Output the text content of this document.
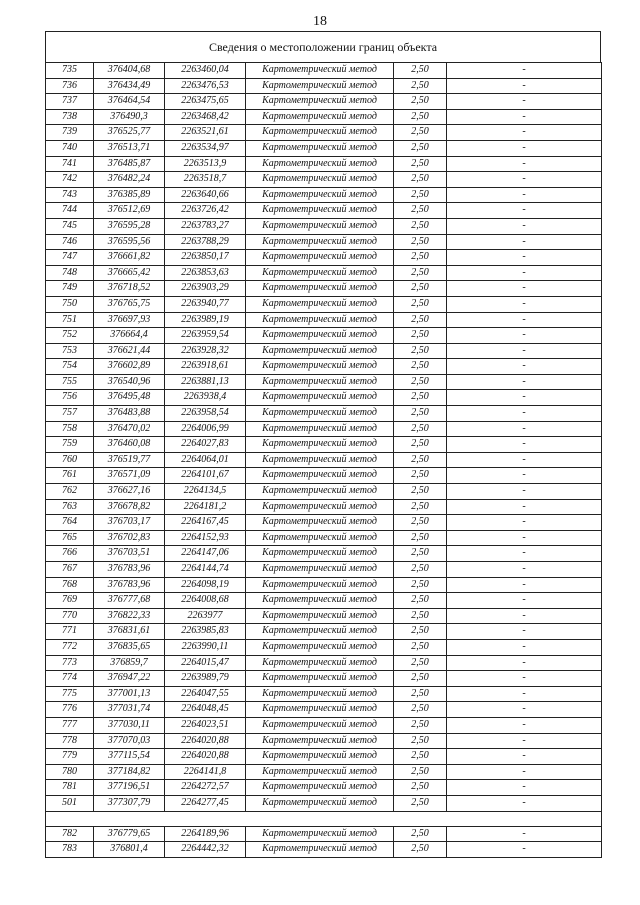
18
Сведения о местоположении границ объекта
735	376404,68	2263460,04	Картометрический метод	2,50	-
736	376434,49	2263476,53	Картометрический метод	2,50	-
737	376464,54	2263475,65	Картометрический метод	2,50	-
738	376490,3	2263468,42	Картометрический метод	2,50	-
739	376525,77	2263521,61	Картометрический метод	2,50	-
740	376513,71	2263534,97	Картометрический метод	2,50	-
741	376485,87	2263513,9	Картометрический метод	2,50	-
742	376482,24	2263518,7	Картометрический метод	2,50	-
743	376385,89	2263640,66	Картометрический метод	2,50	-
744	376512,69	2263726,42	Картометрический метод	2,50	-
745	376595,28	2263783,27	Картометрический метод	2,50	-
746	376595,56	2263788,29	Картометрический метод	2,50	-
747	376661,82	2263850,17	Картометрический метод	2,50	-
748	376665,42	2263853,63	Картометрический метод	2,50	-
749	376718,52	2263903,29	Картометрический метод	2,50	-
750	376765,75	2263940,77	Картометрический метод	2,50	-
751	376697,93	2263989,19	Картометрический метод	2,50	-
752	376664,4	2263959,54	Картометрический метод	2,50	-
753	376621,44	2263928,32	Картометрический метод	2,50	-
754	376602,89	2263918,61	Картометрический метод	2,50	-
755	376540,96	2263881,13	Картометрический метод	2,50	-
756	376495,48	2263938,4	Картометрический метод	2,50	-
757	376483,88	2263958,54	Картометрический метод	2,50	-
758	376470,02	2264006,99	Картометрический метод	2,50	-
759	376460,08	2264027,83	Картометрический метод	2,50	-
760	376519,77	2264064,01	Картометрический метод	2,50	-
761	376571,09	2264101,67	Картометрический метод	2,50	-
762	376627,16	2264134,5	Картометрический метод	2,50	-
763	376678,82	2264181,2	Картометрический метод	2,50	-
764	376703,17	2264167,45	Картометрический метод	2,50	-
765	376702,83	2264152,93	Картометрический метод	2,50	-
766	376703,51	2264147,06	Картометрический метод	2,50	-
767	376783,96	2264144,74	Картометрический метод	2,50	-
768	376783,96	2264098,19	Картометрический метод	2,50	-
769	376777,68	2264008,68	Картометрический метод	2,50	-
770	376822,33	2263977	Картометрический метод	2,50	-
771	376831,61	2263985,83	Картометрический метод	2,50	-
772	376835,65	2263990,11	Картометрический метод	2,50	-
773	376859,7	2264015,47	Картометрический метод	2,50	-
774	376947,22	2263989,79	Картометрический метод	2,50	-
775	377001,13	2264047,55	Картометрический метод	2,50	-
776	377031,74	2264048,45	Картометрический метод	2,50	-
777	377030,11	2264023,51	Картометрический метод	2,50	-
778	377070,03	2264020,88	Картометрический метод	2,50	-
779	377115,54	2264020,88	Картометрический метод	2,50	-
780	377184,82	2264141,8	Картометрический метод	2,50	-
781	377196,51	2264272,57	Картометрический метод	2,50	-
501	377307,79	2264277,45	Картометрический метод	2,50	-

782	376779,65	2264189,96	Картометрический метод	2,50	-
783	376801,4	2264442,32	Картометрический метод	2,50	-
